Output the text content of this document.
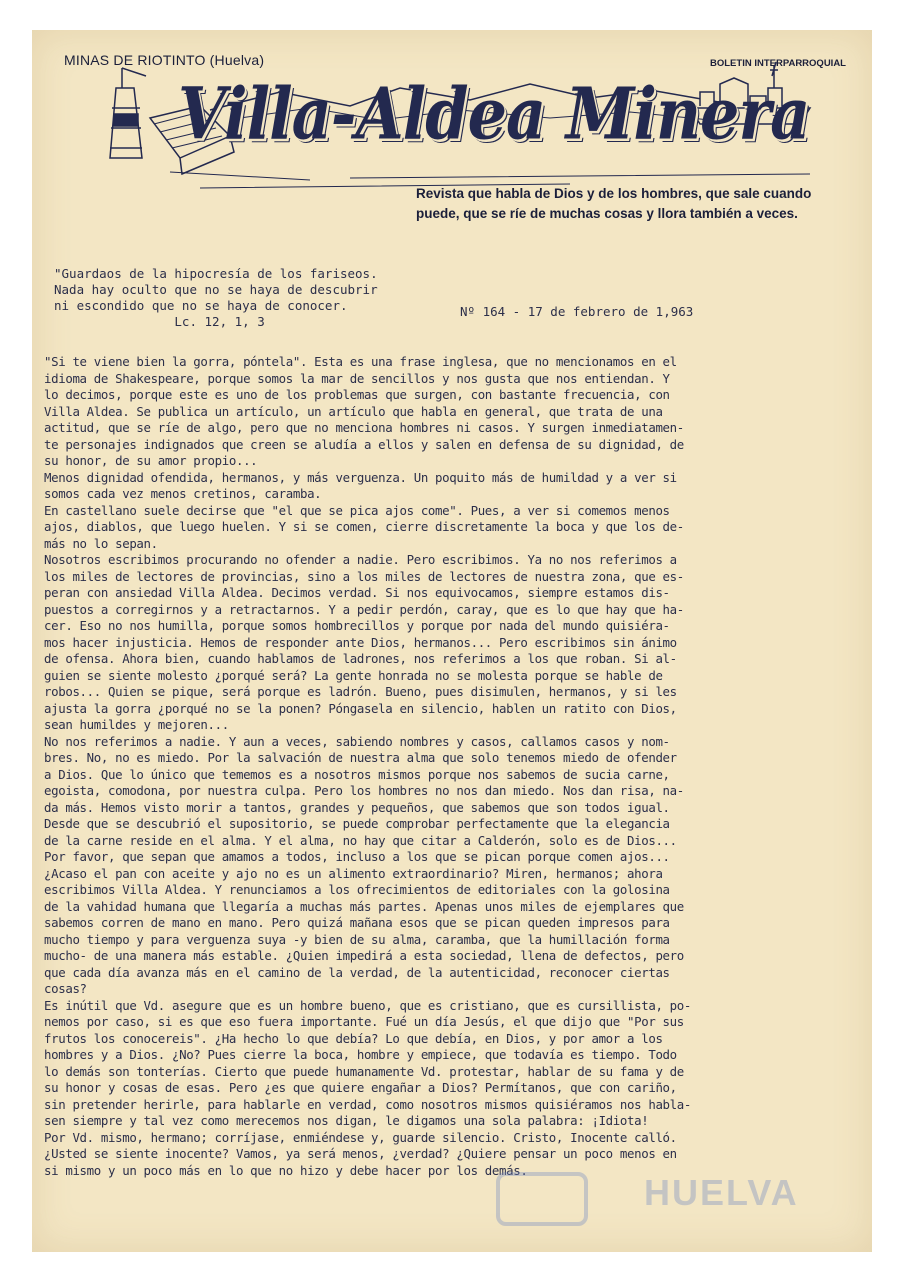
MINAS DE RIOTINTO (Huelva)	BOLETIN INTERPARROQUIAL
Villa-Aldea Minera
Revista que habla de Dios y de los hombres, que sale cuando puede, que se ríe de muchas cosas y llora también a veces.
"Guardaos de la hipocresía de los fariseos.
Nada hay oculto que no se haya de descubrir
ni escondido que no se haya de conocer.
Lc. 12, 1, 3
Nº 164 - 17 de febrero de 1,963
"Si te viene bien la gorra, póntela". Esta es una frase inglesa, que no mencionamos en el
idioma de Shakespeare, porque somos la mar de sencillos y nos gusta que nos entiendan. Y
lo decimos, porque este es uno de los problemas que surgen, con bastante frecuencia, con
Villa Aldea. Se publica un artículo, un artículo que habla en general, que trata de una
actitud, que se ríe de algo, pero que no menciona hombres ni casos. Y surgen inmediatamen-
te personajes indignados que creen se aludía a ellos y salen en defensa de su dignidad, de
su honor, de su amor propio...
Menos dignidad ofendida, hermanos, y más verguenza. Un poquito más de humildad y a ver si
somos cada vez menos cretinos, caramba.
En castellano suele decirse que "el que se pica ajos come". Pues, a ver si comemos menos
ajos, diablos, que luego huelen. Y si se comen, cierre discretamente la boca y que los de-
más no lo sepan.
Nosotros escribimos procurando no ofender a nadie. Pero escribimos. Ya no nos referimos a
los miles de lectores de provincias, sino a los miles de lectores de nuestra zona, que es-
peran con ansiedad Villa Aldea. Decimos verdad. Si nos equivocamos, siempre estamos dis-
puestos a corregirnos y a retractarnos. Y a pedir perdón, caray, que es lo que hay que ha-
cer. Eso no nos humilla, porque somos hombrecillos y porque por nada del mundo quisiéra-
mos hacer injusticia. Hemos de responder ante Dios, hermanos... Pero escribimos sin ánimo
de ofensa. Ahora bien, cuando hablamos de ladrones, nos referimos a los que roban. Si al-
guien se siente molesto ¿porqué será? La gente honrada no se molesta porque se hable de
robos... Quien se pique, será porque es ladrón. Bueno, pues disimulen, hermanos, y si les
ajusta la gorra ¿porqué no se la ponen? Póngasela en silencio, hablen un ratito con Dios,
sean humildes y mejoren...
No nos referimos a nadie. Y aun a veces, sabiendo nombres y casos, callamos casos y nom-
bres. No, no es miedo. Por la salvación de nuestra alma que solo tenemos miedo de ofender
a Dios. Que lo único que tememos es a nosotros mismos porque nos sabemos de sucia carne,
egoista, comodona, por nuestra culpa. Pero los hombres no nos dan miedo. Nos dan risa, na-
da más. Hemos visto morir a tantos, grandes y pequeños, que sabemos que son todos igual.
Desde que se descubrió el supositorio, se puede comprobar perfectamente que la elegancia
de la carne reside en el alma. Y el alma, no hay que citar a Calderón, solo es de Dios...
Por favor, que sepan que amamos a todos, incluso a los que se pican porque comen ajos...
¿Acaso el pan con aceite y ajo no es un alimento extraordinario? Miren, hermanos; ahora
escribimos Villa Aldea. Y renunciamos a los ofrecimientos de editoriales con la golosina
de la vahidad humana que llegaría a muchas más partes. Apenas unos miles de ejemplares que
sabemos corren de mano en mano. Pero quizá mañana esos que se pican queden impresos para
mucho tiempo y para verguenza suya -y bien de su alma, caramba, que la humillación forma
mucho- de una manera más estable. ¿Quien impedirá a esta sociedad, llena de defectos, pero
que cada día avanza más en el camino de la verdad, de la autenticidad, reconocer ciertas
cosas?
Es inútil que Vd. asegure que es un hombre bueno, que es cristiano, que es cursillista, po-
nemos por caso, si es que eso fuera importante. Fué un día Jesús, el que dijo que "Por sus
frutos los conocereis". ¿Ha hecho lo que debía? Lo que debía, en Dios, y por amor a los
hombres y a Dios. ¿No? Pues cierre la boca, hombre y empiece, que todavía es tiempo. Todo
lo demás son tonterías. Cierto que puede humanamente Vd. protestar, hablar de su fama y de
su honor y cosas de esas. Pero ¿es que quiere engañar a Dios? Permítanos, que con cariño,
sin pretender herirle, para hablarle en verdad, como nosotros mismos quisiéramos nos habla-
sen siempre y tal vez como merecemos nos digan, le digamos una sola palabra: ¡Idiota!
Por Vd. mismo, hermano; corríjase, enmiéndese y, guarde silencio. Cristo, Inocente calló.
¿Usted se siente inocente? Vamos, ya será menos, ¿verdad? ¿Quiere pensar un poco menos en
si mismo y un poco más en lo que no hizo y debe hacer por los demás.
HUELVA
